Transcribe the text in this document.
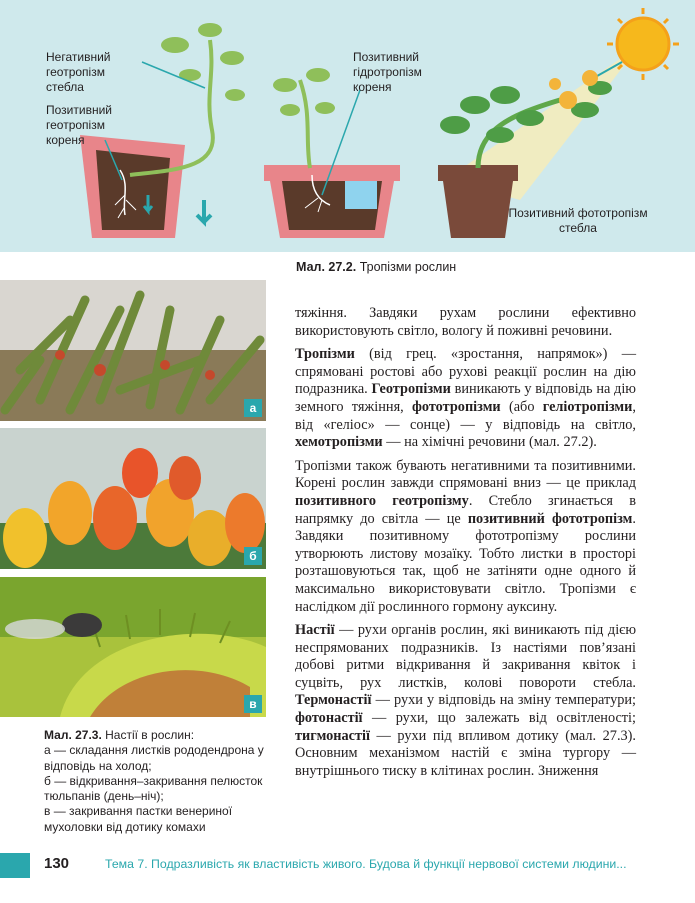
Негативний геотропізм стебла
Позитивний геотропізм кореня
Позитивний гідротропізм кореня
Позитивний фототропізм стебла
Мал. 27.2. Тропізми рослин
а
б
в
Мал. 27.3. Настії в рослин:
а — складання листків рододендрона у відповідь на холод;
б — відкривання–закривання пелюсток тюльпанів (день–ніч);
в — закривання пастки венериної мухоловки від дотику комахи

тяжіння. Завдяки рухам рослини ефективно використовують світло, вологу й поживні речовини.

Тропізми (від грец. «зростання, напрямок») — спрямовані ростові або рухові реакції рослин на дію подразника. Геотропізми виникають у відповідь на дію земного тяжіння, фототропізми (або геліотропізми, від «геліос» — сонце) — у відповідь на світло, хемотропізми — на хімічні речовини (мал. 27.2).

Тропізми також бувають негативними та позитивними. Корені рослин завжди спрямовані вниз — це приклад позитивного геотропізму. Стебло згинається в напрямку до світла — це позитивний фототропізм. Завдяки позитивному фототропізму рослини утворюють листову мозаїку. Тобто листки в просторі розташовуються так, щоб не затіняти одне одного й максимально використовувати світло. Тропізми є наслідком дії рослинного гормону ауксину.

Настії — рухи органів рослин, які виникають під дією неспрямованих подразників. Із настіями пов’язані добові ритми відкривання й закривання квіток і суцвіть, рух листків, колові повороти стебла. Термонастії — рухи у відповідь на зміну температури; фотонастії — рухи, що залежать від освітленості; тигмонастії — рухи під впливом дотику (мал. 27.3). Основним механізмом настій є зміна тургору — внутрішнього тиску в клітинах рослин. Зниження

130	Тема 7. Подразливість як властивість живого. Будова й функції нервової системи людини...
